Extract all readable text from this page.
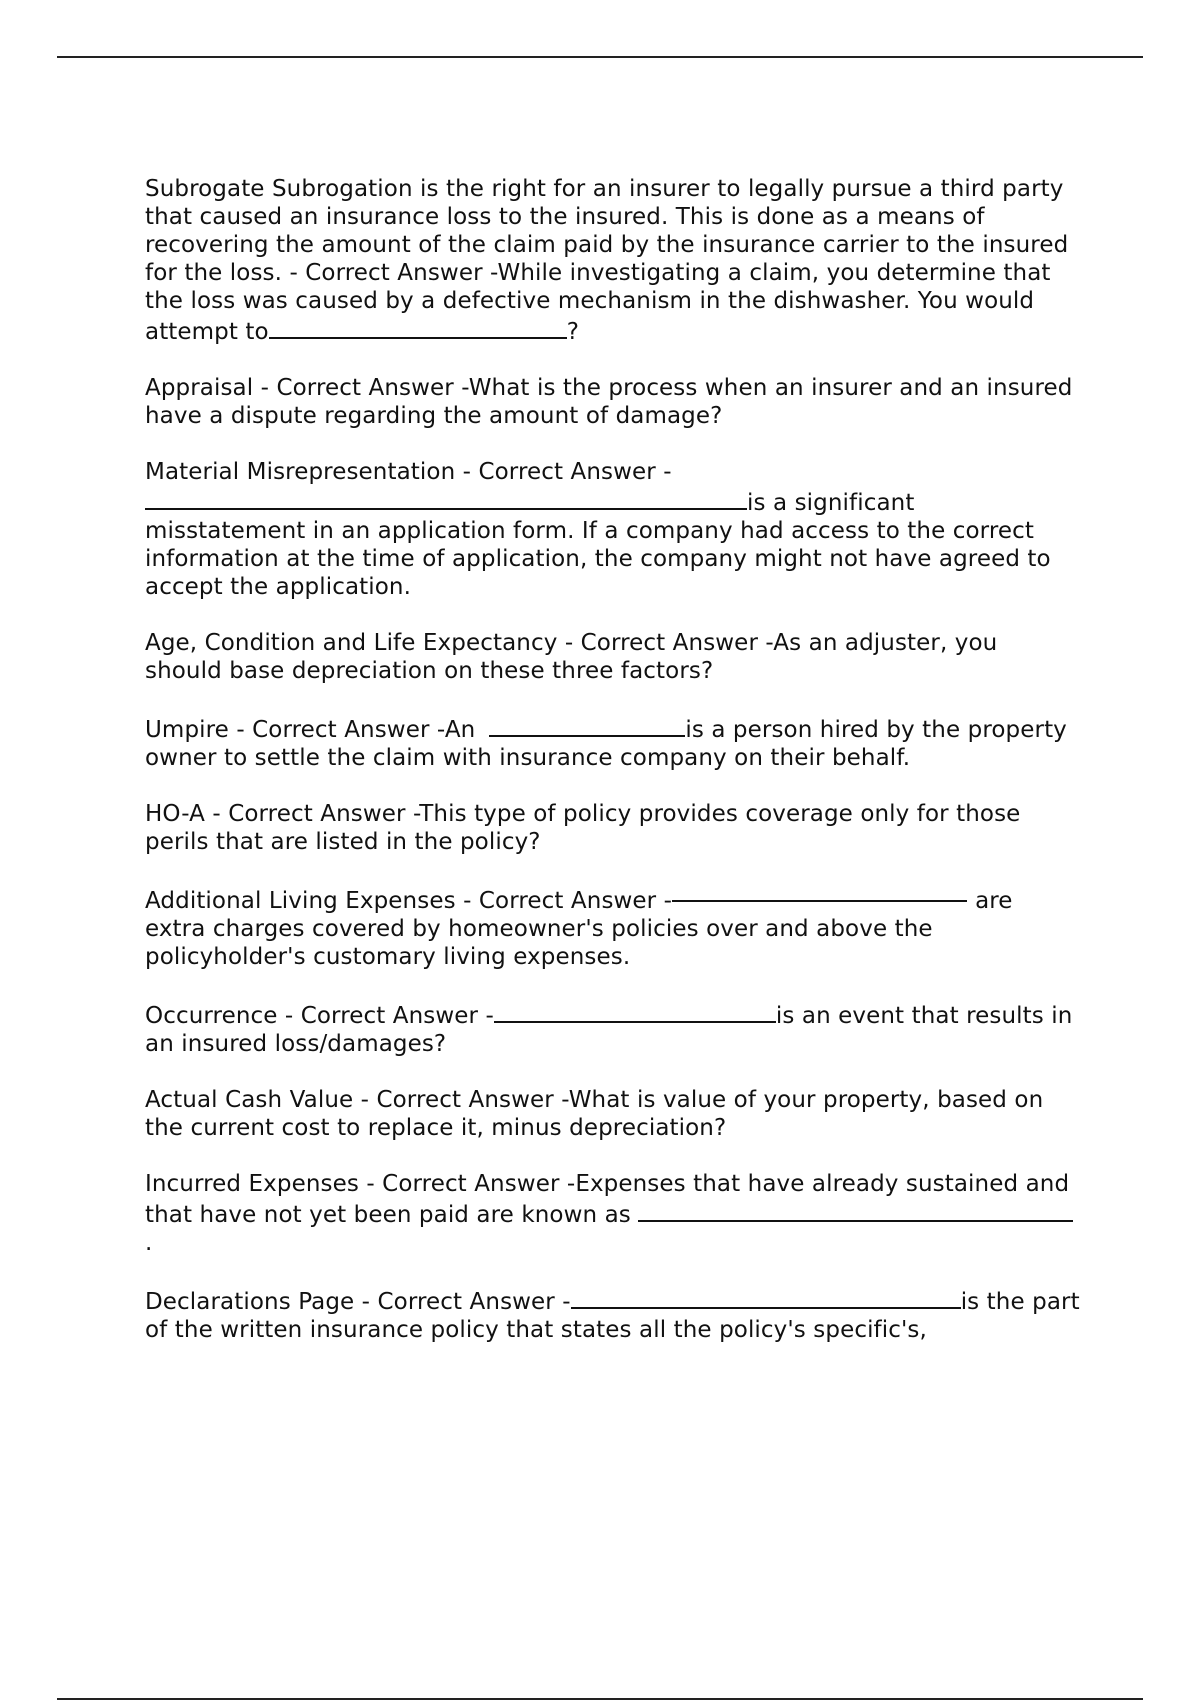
Subrogate Subrogation is the right for an insurer to legally pursue a third party that caused an insurance loss to the insured. This is done as a means of recovering the amount of the claim paid by the insurance carrier to the insured for the loss. - Correct Answer -While investigating a claim, you determine that the loss was caused by a defective mechanism in the dishwasher. You would attempt to	?
Appraisal - Correct Answer -What is the process when an insurer and an insured have a dispute regarding the amount of damage?
Material Misrepresentation - Correct Answer -is a significant misstatement in an application form. If a company had access to the correct information at the time of application, the company might not have agreed to accept the application.
Age, Condition and Life Expectancy - Correct Answer -As an adjuster, you should base depreciation on these three factors?
Umpire - Correct Answer -An	is a person hired by the property owner to settle the claim with insurance company on their behalf.
HO-A - Correct Answer -This type of policy provides coverage only for those perils that are listed in the policy?
Additional Living Expenses - Correct Answer -	are extra charges covered by homeowner's policies over and above the policyholder's customary living expenses.
Occurrence - Correct Answer -	is an event that results in an insured loss/damages?
Actual Cash Value - Correct Answer -What is value of your property, based on the current cost to replace it, minus depreciation?
Incurred Expenses - Correct Answer -Expenses that have already sustained and that have not yet been paid are known as .
Declarations Page - Correct Answer -	is the part of the written insurance policy that states all the policy's specific's,
